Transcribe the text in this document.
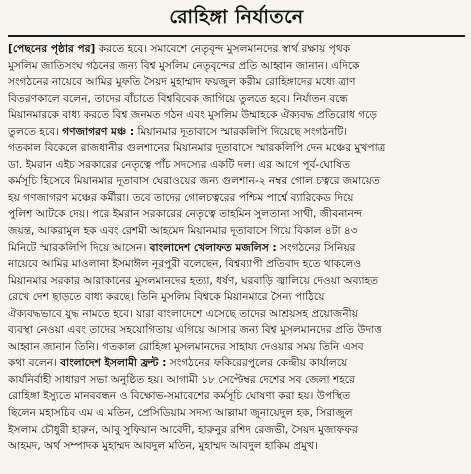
রোহিঙ্গা নির্যাতনে
[পেছনের পৃষ্ঠার পর] করতে হবে। সমাবেশে নেতৃবৃন্দ মুসলমানদের স্বার্থ রক্ষায় পৃথক
মুসলিম জাতিসংঘ গঠনের জন্য বিশ্ব মুসলিম নেতৃবৃন্দের প্রতি আহ্বান জানান। এদিকে
সংগঠনের নায়েবে আমির মুফতি সৈয়দ মুহাম্মাদ ফয়জুল করীম রোহিঙ্গাদের মধ্যে ত্রাণ
বিতরণকালে বলেন, তাদের বাঁচাতে বিশ্ববিবেক জাগিয়ে তুলতে হবে। নির্যাতন বন্ধে
মিয়ানমারকে বাধ্য করতে বিশ্ব জনমত গঠন এবং মুসলিম উম্মাহকে ঐক্যবদ্ধ প্রতিরোধ গড়ে
তুলতে হবে। গণজাগরণ মঞ্চ : মিয়ানমার দূতাবাসে স্মারকলিপি দিয়েছে সংগঠনটি।
গতকাল বিকেলে রাজধানীর গুলশানের মিয়ানমার দূতাবাসে স্মারকলিপি দেন মঞ্চের মুখপাত্র
ডা. ইমরান এইচ সরকারের নেতৃত্বে পাঁচ সদস্যের একটি দল। এর আগে পূর্ব-ঘোষিত
কর্মসূচি হিসেবে মিয়ানমার দূতাবাস ঘেরাওয়ের জন্য গুলশান-২ নম্বর গোল চত্বরে জমায়েত
হয় গণজাগরণ মঞ্চের কর্মীরা। তবে তাদের গোলচত্বরের পশ্চিম পার্শ্বে ব্যারিকেড দিয়ে
পুলিশ আটকে দেয়। পরে ইমরান সরকারের নেতৃত্বে তাহমিন সুলতানা সাথী, জীবনানন্দ
জয়ন্ত, আকরামুল হক এবং রেশমী আহমেদ মিয়ানমার দূতাবাসে গিয়ে বিকাল ৪টা ৪৩
মিনিটে স্মারকলিপি দিয়ে আসেন। বাংলাদেশ খেলাফত মজলিস : সংগঠনের সিনিয়র
নায়েবে আমির মাওলানা ইসমাঈল নূরপুরী বলেছেন, বিশ্বব্যাপী প্রতিবাদ হতে থাকলেও
মিয়ানমার সরকার আরাকানের মুসলমানদের হত্যা, ধর্ষণ, ঘরবাড়ি জ্বালিয়ে দেওয়া অব্যাহত
রেখে দেশ ছাড়তে বাধ্য করছে। তিনি মুসলিম বিশ্বকে মিয়ানমারে সৈন্য পাঠিয়ে
ঐক্যবদ্ধভাবে যুদ্ধ নামতে হবে। যারা বাংলাদেশে এসেছে তাদের আশ্রয়সহ প্রয়োজনীয়
ব্যবস্থা নেওয়া এবং তাদের সহযোগিতায় এগিয়ে আসার জন্য বিশ্ব মুসলমানদের প্রতি উদাত্ত
আহ্বান জানান তিনি। গতকাল রোহিঙ্গা মুসলমানদের সাহায্য দেওয়ার সময় তিনি এসব
কথা বলেন। বাংলাদেশ ইসলামী ফ্রন্ট : সংগঠনের ফকিরেরপুলের কেন্দ্রীয় কার্যালয়ে
কার্যনির্বাহী সাধারণ সভা অনুষ্ঠিত হয়। আগামী ১৮ সেপ্টেম্বর দেশের সব জেলা শহরে
রোহিঙ্গা ইস্যুতে মানববন্ধন ও বিক্ষোভ-সমাবেশের কর্মসূচি ঘোষণা করা হয়। উপস্থিত
ছিলেন মহাসচিব এম এ মতিন, প্রেসিডিয়াম সদস্য আল্লামা জুনায়েদুল হক, সিরাজুল
ইসলাম চৌধুরী হারুন, আবু সুফিয়ান আবেদী, হারুনুর রশিদ রেজভী, সৈয়দ মুজাফফর
আহমদ, অর্থ সম্পাদক মুহাম্মদ আবদুল মতিন, মুহাম্মদ আবদুল হাকিম প্রমুখ।
